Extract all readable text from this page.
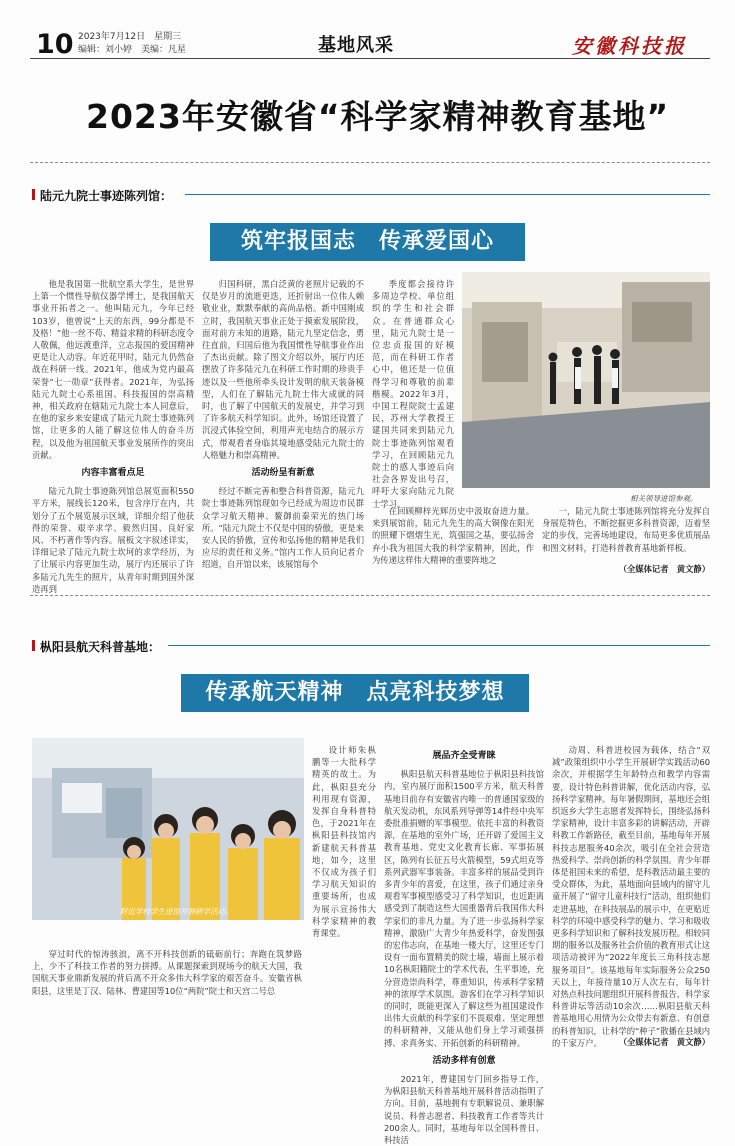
10 2023年7月12日　星期三
编辑：刘小婷　美编：凡星	基地风采	安徽科技报
2023年安徽省“科学家精神教育基地”
陆元九院士事迹陈列馆：
筑牢报国志　传承爱国心

他是我国第一批航空系大学生，是世界上第一个惯性导航仪器学博士，是我国航天事业开拓者之一。他叫陆元九，今年已经103岁，他曾说“上天的东西，99分都是不及格！”他一丝不苟、精益求精的科研态度令人敬佩，他远渡重洋，立志报国的爱国精神更是让人动容。年近花甲时，陆元九仍然奋战在科研一线。2021年，他成为党内最高荣誉“七一勋章”获得者。2021年，为弘扬陆元九院士心系祖国、科技报国的崇高精神，相关政府在辖陆元九院士本人同意后，在他的家乡来安建成了陆元九院士事迹陈列馆，让更多的人能了解这位伟人的奋斗历程，以及他为祖国航天事业发展所作的突出贡献。

内容丰富看点足

陆元九院士事迹陈列馆总展览面积550平方米，展线长120米，包含序厅在内，共划分了五个展览展示区域，详细介绍了他获得的荣誉、艰辛求学、毅然归国、良好家风、不朽著作等内容。展板文字叙述详实，详细记录了陆元九院士坎坷的求学经历，为了让展示内容更加生动，展厅内还展示了许多陆元九先生的照片，从青年时期到国外深造再到

归国科研，黑白泛黄的老照片记载的不仅是岁月的流逝更迭，还折射出一位伟人赖敬业业，默默奉献的高尚品格。新中国刚成立时，我国航天事业正处于摸索发展阶段，面对前方未知的道路，陆元九坚定信念，勇往直前，归国后他为我国惯性导航事业作出了杰出贡献。除了图文介绍以外，展厅内还摆放了许多陆元九在科研工作时期的珍贵手迹以及一些他所牵头设计发明的航天装备模型，人们在了解陆元九院士伟大成就的同时，也了解了中国航天的发展史，并学习到了许多航天科学知识。此外，场馆还设置了沉浸式体验空间，利用声光电结合的展示方式，带观看者身临其境地感受陆元九院士的人格魅力和崇高精神。

活动纷呈有新意

经过不断完善和整合科普资源，陆元九院士事迹陈列馆现如今已经成为周边市民群众学习航天精神、鳌御前秦荣光的热门场所。“陆元九院士不仅是中国的骄傲，更是来安人民的骄傲，宣传和弘扬他的精神是我们应尽的责任和义务。”馆内工作人员向记者介绍道，自开馆以来，该展馆每个

季度都会接待许多周边学校、单位组织的学生和社会群众。在普通群众心里，陆元九院士是一位忠贞报国的好模范，而在科研工作者心中，他还是一位值得学习和尊敬的前辈楷模。2022年3月，中国工程院院士孟建民，苏州大学教授王建国共同来到陆元九院士事迹陈列馆观看学习，在回顾陆元九院士的感人事迹后向社会各界发出号召，呼吁大家向陆元九院士学习。

在回顾柳梓光辉历史中汲取奋进力量。来到展馆前，陆元九先生的高大铜像在阳光的照耀下熠熠生光，筑强国之基，要弘扬舍弃小我为祖国大我的科学家精神，因此，作为传递这样伟大精神的重要阵地之

相关领导进馆参观。

一，陆元九院士事迹陈列馆将充分发挥自身展览特色，不断挖掘更多科普资源，迈着坚定的步伐，完善场地建设，布局更多优质展品和图文材料，打造科普教育基地新样板。

（全媒体记者　黄文静）
枞阳县航天科普基地：
传承航天精神　点亮科技梦想
附近学校学生进馆开展研学活动。

设计师朱枞鹏等一大批科学精英的故土。为此，枞阳县充分利用现有资源，发挥自身科普特色，于2021年在枞阳县科技馆内新建航天科普基地，如今，这里不仅成为孩子们学习航天知识的重要场所，也成为展示宣扬伟大科学家精神的教育课堂。

穿过时代的惊涛骇浪，离不开科技创新的砥砺前行；奔跑在筑梦路上，少不了科技工作者的努力拼搏。从课题探索到现场今的航天大国，我国航天事业鼎新发展的背后离不开众多伟大科学家的艰苦奋斗。安徽省枞阳县，这里是丁汉、陆林、曹建国等10位“两院”院士和天宫二号总

展品齐全受青睐

枞阳县航天科普基地位于枞阳县科技馆内，室内展厅面积1500平方米，航天科普基地目前存有安徽省内唯一的普通国家级的航天发动机，东风系列导弹等14件经中央军委批准捐赠的军事模型。依托丰富的科教资源，在基地的室外广场，还开辟了爱国主义教育基地、党史文化教育长廊、军事拓展区，陈列有长征五号火箭模型，59式坦克等系列武器军事装备。丰富多样的展品受到许多青少年的喜爱，在这里，孩子们通过亲身观看军事模型感受习了科学知识，也近距离感受到了制造这些大国重器背后我国伟大科学家们的非凡力量。为了进一步弘扬科学家精神，激励广大青少年热爱科学，奋发图强的宏伟志向，在基地一楼大厅，这里还专门设有一面布置精美的院士墙，墙面上展示着10名枞阳籍院士的学术代表，生平事迹，充分营造崇尚科学，尊重知识，传承科学家精神的浓厚学术氛围。游客们在学习科学知识的同时，既能更深入了解这些为祖国建设作出伟大贡献的科学家们不畏艰难、坚定理想的科研精神，又能从他们身上学习顽强拼搏、求真务实、开拓创新的科研精神。

活动多样有创意

2021年，曹建国专门回乡指导工作，为枞阳县航天科普基地开展科普活动指明了方向。目前，基地拥有专职解说员、兼职解说员、科普志愿者、科技教育工作者等共计200余人。同时，基地每年以全国科普日、科技活

动周、科普进校园为载体，结合“双减”政策组织中小学生开展研学实践活动60余次，并根据学生年龄特点和教学内容需要，设计特色科普讲解，优化活动内容，弘扬科学家精神。每年暑假期间，基地还会组织返乡大学生志愿者发挥特长，围绕弘扬科学家精神，设计丰富多彩的讲解活动，开辟科教工作新路径，截至目前，基地每年开展科技志愿服务40余次，吸引在全社会营造热爱科学、崇尚创新的科学氛围。青少年群体是祖国未来的希望，是科教活动最主要的受众群体，为此，基地面向县域内的留守儿童开展了“留守儿童科技行”活动，组织他们走进基地，在科技展品的展示中，在更贴近科学的环境中感受科学的魅力、学习和吸收更多科学知识和了解科技发展历程。相较同期的服务以及服务社会价值的教育形式让这项活动被评为“2022年度长三角科技志愿服务项目”。该基地每年实际服务公众250天以上，年接待量10万人次左右，每年针对热点科技问题组织开展科普报告，科学家科普讲坛等活动10余次……枞阳县航天科普基地用心用情为公众带去有新意、有创意的科普知识，让科学的“种子”散播在县域内的千家万户。	（全媒体记者　黄文静）
